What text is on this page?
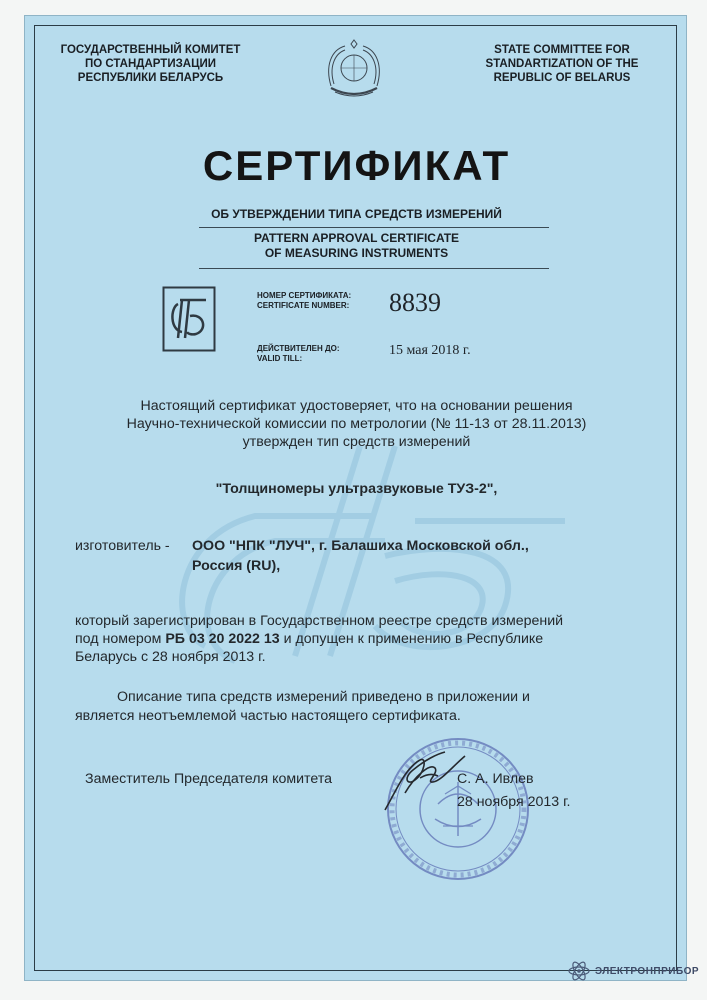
ГОСУДАРСТВЕННЫЙ КОМИТЕТ
ПО СТАНДАРТИЗАЦИИ
РЕСПУБЛИКИ БЕЛАРУСЬ
STATE COMMITTEE FOR
STANDARTIZATION OF THE
REPUBLIC OF BELARUS
СЕРТИФИКАТ
ОБ УТВЕРЖДЕНИИ ТИПА СРЕДСТВ ИЗМЕРЕНИЙ
PATTERN APPROVAL CERTIFICATE
OF MEASURING INSTRUMENTS
НОМЕР СЕРТИФИКАТА:
CERTIFICATE NUMBER: 8839
ДЕЙСТВИТЕЛЕН ДО:
VALID TILL:
15 мая 2018 г.
Настоящий сертификат удостоверяет, что на основании решения
Научно-технической комиссии по метрологии (№ 11-13 от 28.11.2013)
утвержден тип средств измерений
"Толщиномеры ультразвуковые ТУЗ-2",
изготовитель - ООО "НПК "ЛУЧ", г. Балашиха Московской обл.,
Россия (RU),
который зарегистрирован в Государственном реестре средств измерений
под номером РБ 03 20 2022 13 и допущен к применению в Республике
Беларусь с 28 ноября 2013 г.
Описание типа средств измерений приведено в приложении и
является неотъемлемой частью настоящего сертификата.
Заместитель Председателя комитета	С. А. Ивлев
28 ноября 2013 г.
ЭЛЕКТРОНПРИБОР
